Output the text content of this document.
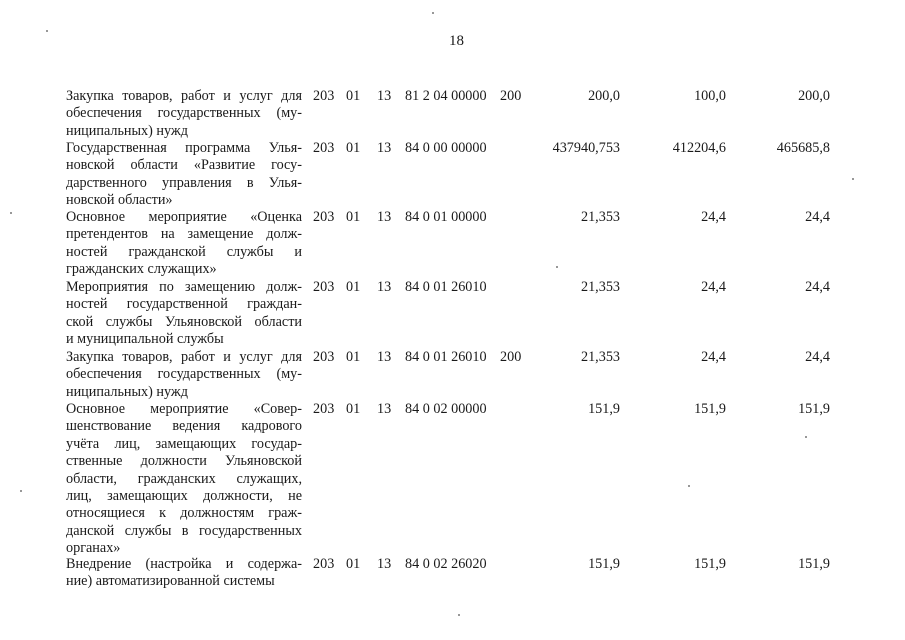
18
Закупка товаров, работ и услуг для
обеспечения государственных (му-
ниципальных) нужд
203 01 13 81 2 04 00000 200	200,0	100,0	200,0
Государственная программа Улья-
новской области «Развитие госу-
дарственного управления в Улья-
новской области»
203 01 13 84 0 00 00000	437940,753	412204,6	465685,8
Основное мероприятие «Оценка
претендентов на замещение долж-
ностей гражданской службы и
гражданских служащих»
203 01 13 84 0 01 00000	21,353	24,4	24,4
Мероприятия по замещению долж-
ностей государственной граждан-
ской службы Ульяновской области
и муниципальной службы
203 01 13 84 0 01 26010	21,353	24,4	24,4
Закупка товаров, работ и услуг для
обеспечения государственных (му-
ниципальных) нужд
203 01 13 84 0 01 26010 200	21,353	24,4	24,4
Основное мероприятие «Совер-
шенствование ведения кадрового
учёта лиц, замещающих государ-
ственные должности Ульяновской
области, гражданских служащих,
лиц, замещающих должности, не
относящиеся к должностям граж-
данской службы в государственных
органах»
203 01 13 84 0 02 00000	151,9	151,9	151,9
Внедрение (настройка и содержа-
ние) автоматизированной системы
203 01 13 84 0 02 26020	151,9	151,9	151,9
